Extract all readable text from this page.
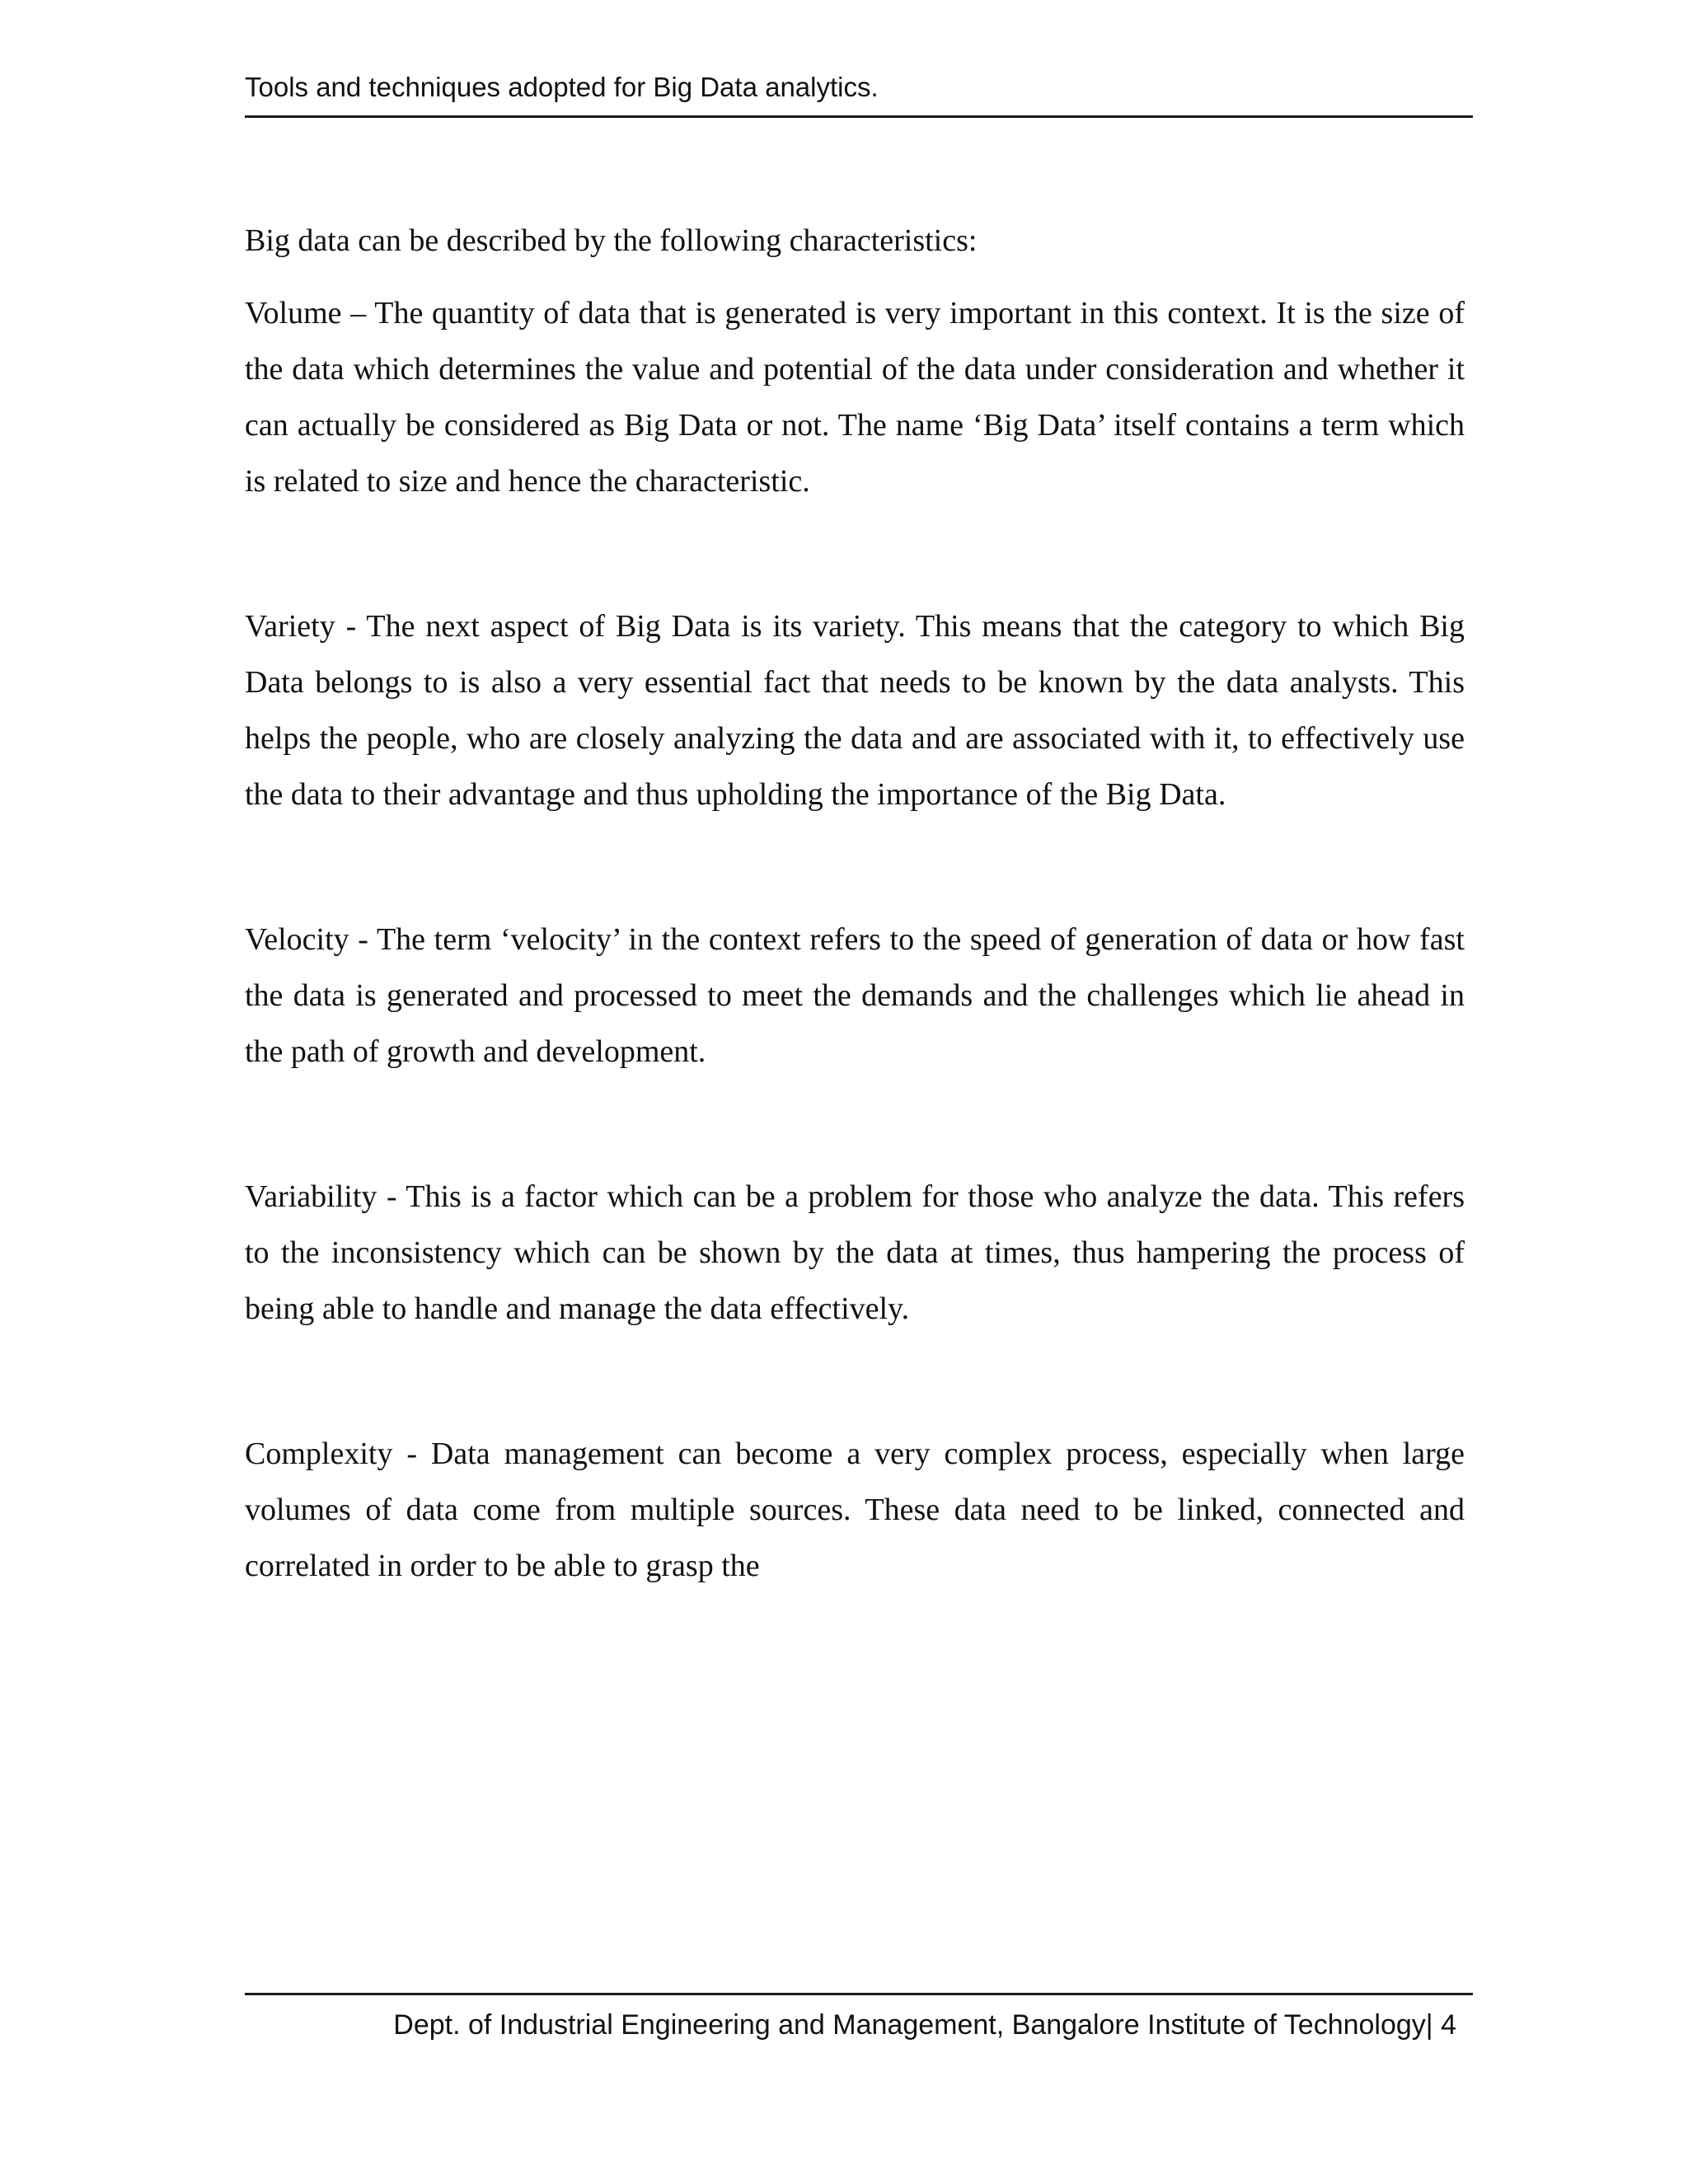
Tools and techniques adopted for Big Data analytics.

Big data can be described by the following characteristics:

Volume – The quantity of data that is generated is very important in this context. It is the size of the data which determines the value and potential of the data under consideration and whether it can actually be considered as Big Data or not. The name ‘Big Data’ itself contains a term which is related to size and hence the characteristic.

Variety - The next aspect of Big Data is its variety. This means that the category to which Big Data belongs to is also a very essential fact that needs to be known by the data analysts. This helps the people, who are closely analyzing the data and are associated with it, to effectively use the data to their advantage and thus upholding the importance of the Big Data.

Velocity - The term ‘velocity’ in the context refers to the speed of generation of data or how fast the data is generated and processed to meet the demands and the challenges which lie ahead in the path of growth and development.

Variability - This is a factor which can be a problem for those who analyze the data. This refers to the inconsistency which can be shown by the data at times, thus hampering the process of being able to handle and manage the data effectively.

Complexity - Data management can become a very complex process, especially when large volumes of data come from multiple sources. These data need to be linked, connected and correlated in order to be able to grasp the

Dept. of Industrial Engineering and Management, Bangalore Institute of Technology| 4
